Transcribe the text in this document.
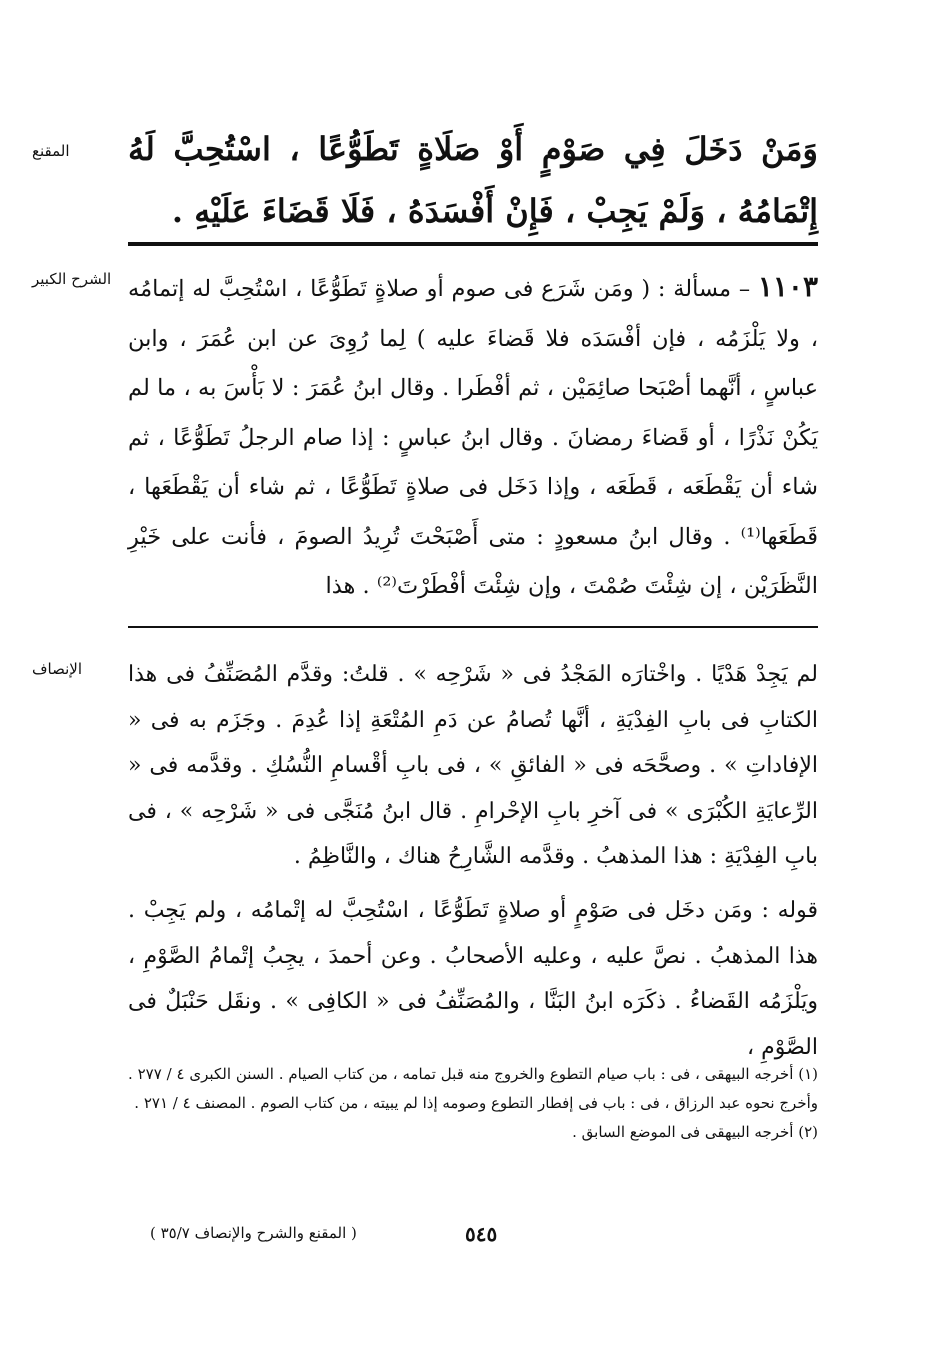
المقنع	وَمَنْ دَخَلَ فِي صَوْمٍ أَوْ صَلَاةٍ تَطَوُّعًا ، اسْتُحِبَّ لَهُ إِتْمَامُهُ ، وَلَمْ يَجِبْ ، فَإِنْ أَفْسَدَهُ ، فَلَا قَضَاءَ عَلَيْهِ .
الشرح الكبير	١١٠٣ – مسألة : ( ومَن شَرَع فى صوم أو صلاةٍ تَطَوُّعًا ، اسْتُحِبَّ له إتمامُه ، ولا يَلْزَمُه ، فإن أفْسَدَه فلا قَضاءَ عليه ) لِما رُوِىَ عن ابن عُمَرَ ، وابن عباسٍ ، أنَّهما أصْبَحا صائِمَيْن ، ثم أفْطَرا . وقال ابنُ عُمَرَ : لا بَأْسَ به ، ما لم يَكُنْ نَذْرًا ، أو قَضاءَ رمضانَ . وقال ابنُ عباسٍ : إذا صام الرجلُ تَطَوُّعًا ، ثم شاء أن يَقْطَعَه ، قَطَعَه ، وإذا دَخَل فى صلاةٍ تَطَوُّعًا ، ثم شاء أن يَقْطَعَها ، قَطَعَها⁽¹⁾ . وقال ابنُ مسعودٍ : متى أَصْبَحْتَ تُرِيدُ الصومَ ، فأنت على خَيْرِ النَّظَرَيْن ، إن شِئْتَ صُمْتَ ، وإن شِئْتَ أفْطَرْتَ⁽²⁾ . هذا
الإنصاف	لم يَجِدْ هَدْيًا . واخْتارَه المَجْدُ فى « شَرْحِه » . قلتُ: وقدَّم المُصَنِّفُ فى هذا الكتابِ فى بابِ الفِدْيَةِ ، أنَّها تُصامُ عن دَمِ المُتْعَةِ إذا عُدِمَ . وجَزَم به فى « الإفاداتِ » . وصحَّحَه فى « الفائقِ » ، فى بابِ أقْسامِ النُّسُكِ . وقدَّمه فى « الرِّعايَةِ الكُبْرَى » فى آخرِ بابِ الإحْرامِ . قال ابنُ مُنَجَّى فى « شَرْحِه » ، فى بابِ الفِدْيَةِ : هذا المذهبُ . وقدَّمه الشَّارِحُ هناك ، والنَّاظِمُ .
قوله : ومَن دخَل فى صَوْمٍ أو صلاةٍ تَطَوُّعًا ، اسْتُحِبَّ له إتْمامُه ، ولم يَجِبْ . هذا المذهبُ . نصَّ عليه ، وعليه الأصحابُ . وعن أحمدَ ، يجِبُ إتْمامُ الصَّوْمِ ، ويَلْزَمُه القَضاءُ . ذكَرَه ابنُ البَنَّا ، والمُصَنِّفُ فى « الكافِى » . ونقَل حَنْبَلٌ فى الصَّوْمِ ،
(١) أخرجه البيهقى ، فى : باب صيام التطوع والخروج منه قبل تمامه ، من كتاب الصيام . السنن الكبرى ٤ / ٢٧٧ . وأخرج نحوه عبد الرزاق ، فى : باب فى إفطار التطوع وصومه إذا لم يبيته ، من كتاب الصوم . المصنف ٤ / ٢٧١ .
(٢) أخرجه البيهقى فى الموضع السابق .
٥٤٥
( المقنع والشرح والإنصاف ٣٥/٧ )
